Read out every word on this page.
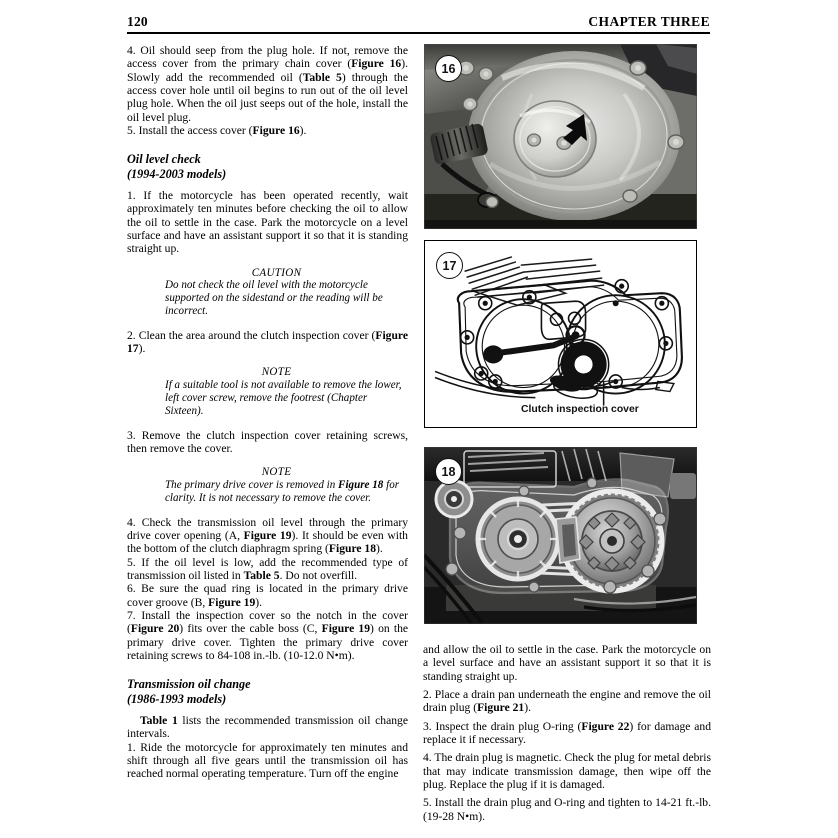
120	CHAPTER THREE

4. Oil should seep from the plug hole. If not, remove the access cover from the primary chain cover (Figure 16). Slowly add the recommended oil (Table 5) through the access cover hole until oil begins to run out of the oil level plug hole. When the oil just seeps out of the hole, install the oil level plug.

5. Install the access cover (Figure 16).

Oil level check
(1994-2003 models)

1. If the motorcycle has been operated recently, wait approximately ten minutes before checking the oil to allow the oil to settle in the case. Park the motorcycle on a level surface and have an assistant support it so that it is standing straight up.

CAUTION
Do not check the oil level with the motorcycle supported on the sidestand or the reading will be incorrect.

2. Clean the area around the clutch inspection cover (Figure 17).

NOTE
If a suitable tool is not available to remove the lower, left cover screw, remove the footrest (Chapter Sixteen).

3. Remove the clutch inspection cover retaining screws, then remove the cover.

NOTE
The primary drive cover is removed in Figure 18 for clarity. It is not necessary to remove the cover.

4. Check the transmission oil level through the primary drive cover opening (A, Figure 19). It should be even with the bottom of the clutch diaphragm spring (Figure 18).

5. If the oil level is low, add the recommended type of transmission oil listed in Table 5. Do not overfill.

6. Be sure the quad ring is located in the primary drive cover groove (B, Figure 19).

7. Install the inspection cover so the notch in the cover (Figure 20) fits over the cable boss (C, Figure 19) on the primary drive cover. Tighten the primary drive cover retaining screws to 84-108 in.-lb. (10-12.0 N•m).

Transmission oil change
(1986-1993 models)

Table 1 lists the recommended transmission oil change intervals.

1. Ride the motorcycle for approximately ten minutes and shift through all five gears until the transmission oil has reached normal operating temperature. Turn off the engine

and allow the oil to settle in the case. Park the motorcycle on a level surface and have an assistant support it so that it is standing straight up.

2. Place a drain pan underneath the engine and remove the oil drain plug (Figure 21).

3. Inspect the drain plug O-ring (Figure 22) for damage and replace it if necessary.

4. The drain plug is magnetic. Check the plug for metal debris that may indicate transmission damage, then wipe off the plug. Replace the plug if it is damaged.

5. Install the drain plug and O-ring and tighten to 14-21 ft.-lb. (19-28 N•m).

16
17
Clutch inspection cover
18
